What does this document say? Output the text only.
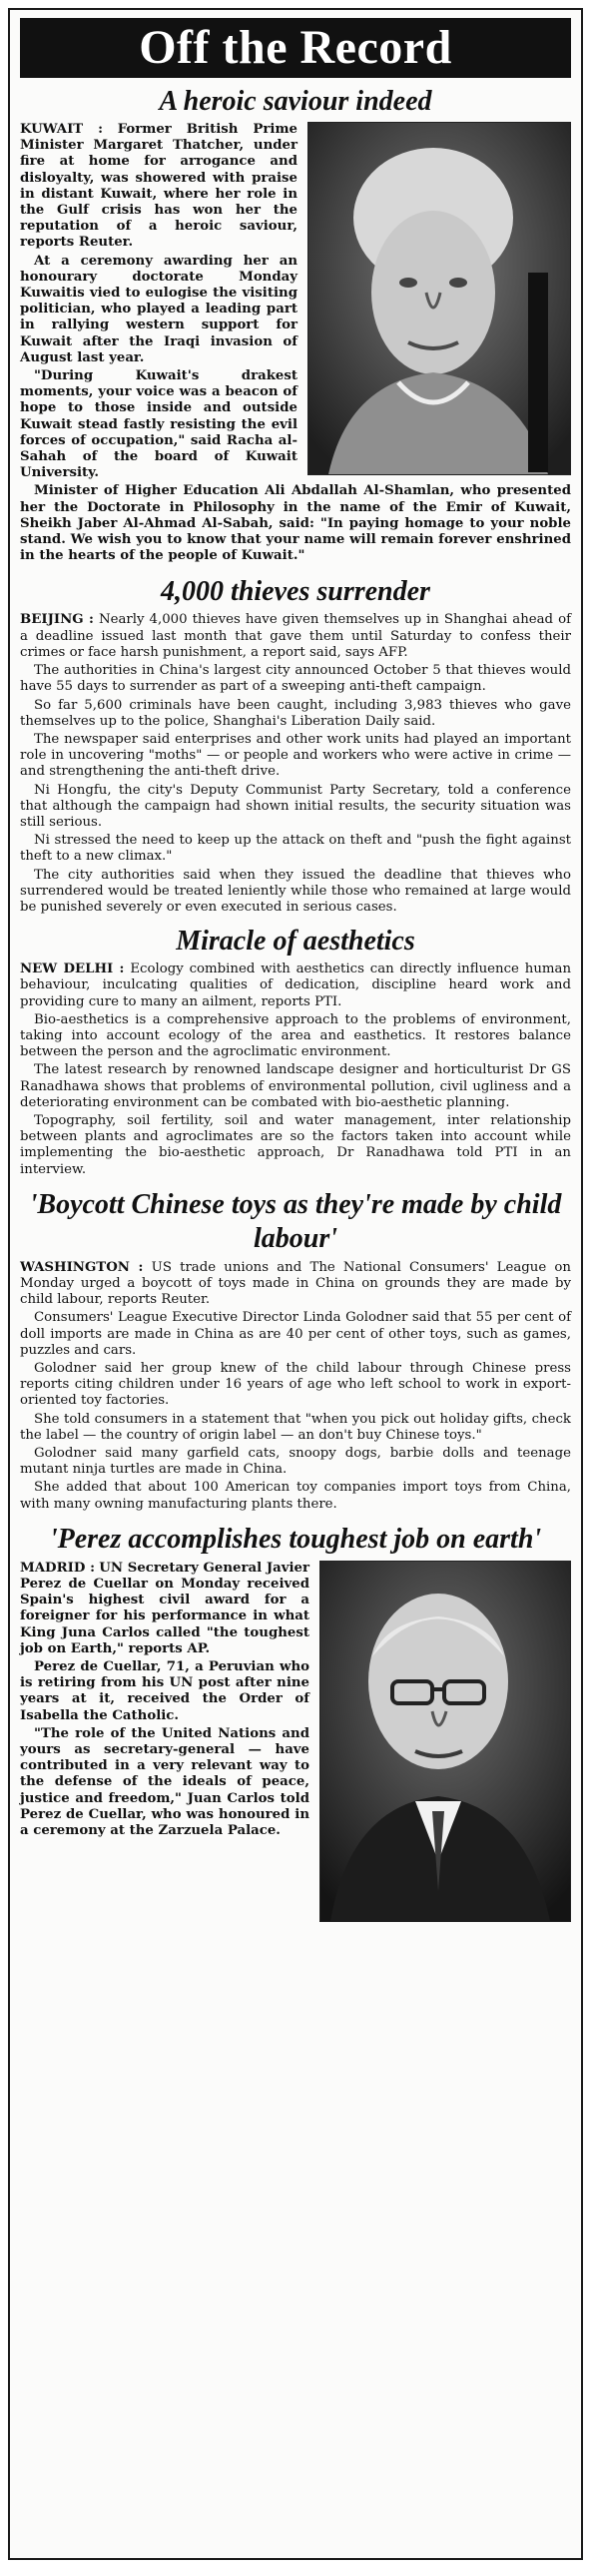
Off the Record
A heroic saviour indeed

KUWAIT : Former British Prime Minister Margaret Thatcher, under fire at home for arrogance and disloyalty, was showered with praise in distant Kuwait, where her role in the Gulf crisis has won her the reputation of a heroic saviour, reports Reuter.

At a ceremony awarding her an honourary doctorate Monday Kuwaitis vied to eulogise the visiting politician, who played a leading part in rallying western support for Kuwait after the Iraqi invasion of August last year.

"During Kuwait's drakest moments, your voice was a beacon of hope to those inside and outside Kuwait stead fastly resisting the evil forces of occupation," said Racha al-Sahah of the board of Kuwait University.

Minister of Higher Education Ali Abdallah Al-Shamlan, who presented her the Doctorate in Philosophy in the name of the Emir of Kuwait, Sheikh Jaber Al-Ahmad Al-Sabah, said: "In paying homage to your noble stand. We wish you to know that your name will remain forever enshrined in the hearts of the people of Kuwait."

4,000 thieves surrender

BEIJING : Nearly 4,000 thieves have given themselves up in Shanghai ahead of a deadline issued last month that gave them until Saturday to confess their crimes or face harsh punishment, a report said, says AFP.

The authorities in China's largest city announced October 5 that thieves would have 55 days to surrender as part of a sweeping anti-theft campaign.

So far 5,600 criminals have been caught, including 3,983 thieves who gave themselves up to the police, Shanghai's Liberation Daily said.

The newspaper said enterprises and other work units had played an important role in uncovering "moths" — or people and workers who were active in crime — and strengthening the anti-theft drive.

Ni Hongfu, the city's Deputy Communist Party Secretary, told a conference that although the campaign had shown initial results, the security situation was still serious.

Ni stressed the need to keep up the attack on theft and "push the fight against theft to a new climax."

The city authorities said when they issued the deadline that thieves who surrendered would be treated leniently while those who remained at large would be punished severely or even executed in serious cases.

Miracle of aesthetics

NEW DELHI : Ecology combined with aesthetics can directly influence human behaviour, inculcating qualities of dedication, discipline heard work and providing cure to many an ailment, reports PTI.

Bio-aesthetics is a comprehensive approach to the problems of environment, taking into account ecology of the area and easthetics. It restores balance between the person and the agroclimatic environment.

The latest research by renowned landscape designer and horticulturist Dr GS Ranadhawa shows that problems of environmental pollution, civil ugliness and a deteriorating environment can be combated with bio-aesthetic planning.

Topography, soil fertility, soil and water management, inter relationship between plants and agroclimates are so the factors taken into account while implementing the bio-aesthetic approach, Dr Ranadhawa told PTI in an interview.

'Boycott Chinese toys as they're made by child labour'

WASHINGTON : US trade unions and The National Consumers' League on Monday urged a boycott of toys made in China on grounds they are made by child labour, reports Reuter.

Consumers' League Executive Director Linda Golodner said that 55 per cent of doll imports are made in China as are 40 per cent of other toys, such as games, puzzles and cars.

Golodner said her group knew of the child labour through Chinese press reports citing children under 16 years of age who left school to work in export-oriented toy factories.

She told consumers in a statement that "when you pick out holiday gifts, check the label — the country of origin label — an don't buy Chinese toys."

Golodner said many garfield cats, snoopy dogs, barbie dolls and teenage mutant ninja turtles are made in China.

She added that about 100 American toy companies import toys from China, with many owning manufacturing plants there.

'Perez accomplishes toughest job on earth'

MADRID : UN Secretary General Javier Perez de Cuellar on Monday received Spain's highest civil award for a foreigner for his performance in what King Juna Carlos called "the toughest job on Earth," reports AP.

Perez de Cuellar, 71, a Peruvian who is retiring from his UN post after nine years at it, received the Order of Isabella the Catholic.

"The role of the United Nations and yours as secretary-general — have contributed in a very relevant way to the defense of the ideals of peace, justice and freedom," Juan Carlos told Perez de Cuellar, who was honoured in a ceremony at the Zarzuela Palace.
